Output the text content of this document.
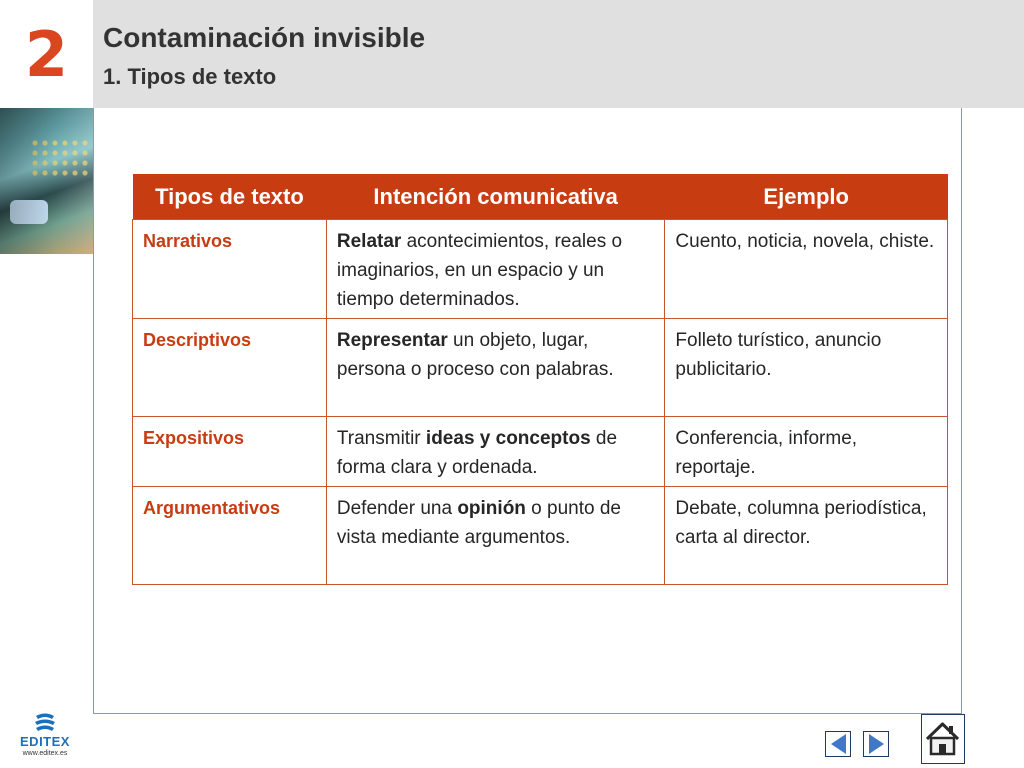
2	Contaminación invisible
1. Tipos de texto
Tipos de texto	Intención comunicativa	Ejemplo
Narrativos	Relatar acontecimientos, reales o imaginarios, en un espacio y un tiempo determinados.	Cuento, noticia, novela, chiste.
Descriptivos	Representar un objeto, lugar, persona o proceso con palabras.	Folleto turístico, anuncio publicitario.
Expositivos	Transmitir ideas y conceptos de forma clara y ordenada.	Conferencia, informe, reportaje.
Argumentativos	Defender una opinión o punto de vista mediante argumentos.	Debate, columna periodística, carta al director.
EDITEX
www.editex.es
